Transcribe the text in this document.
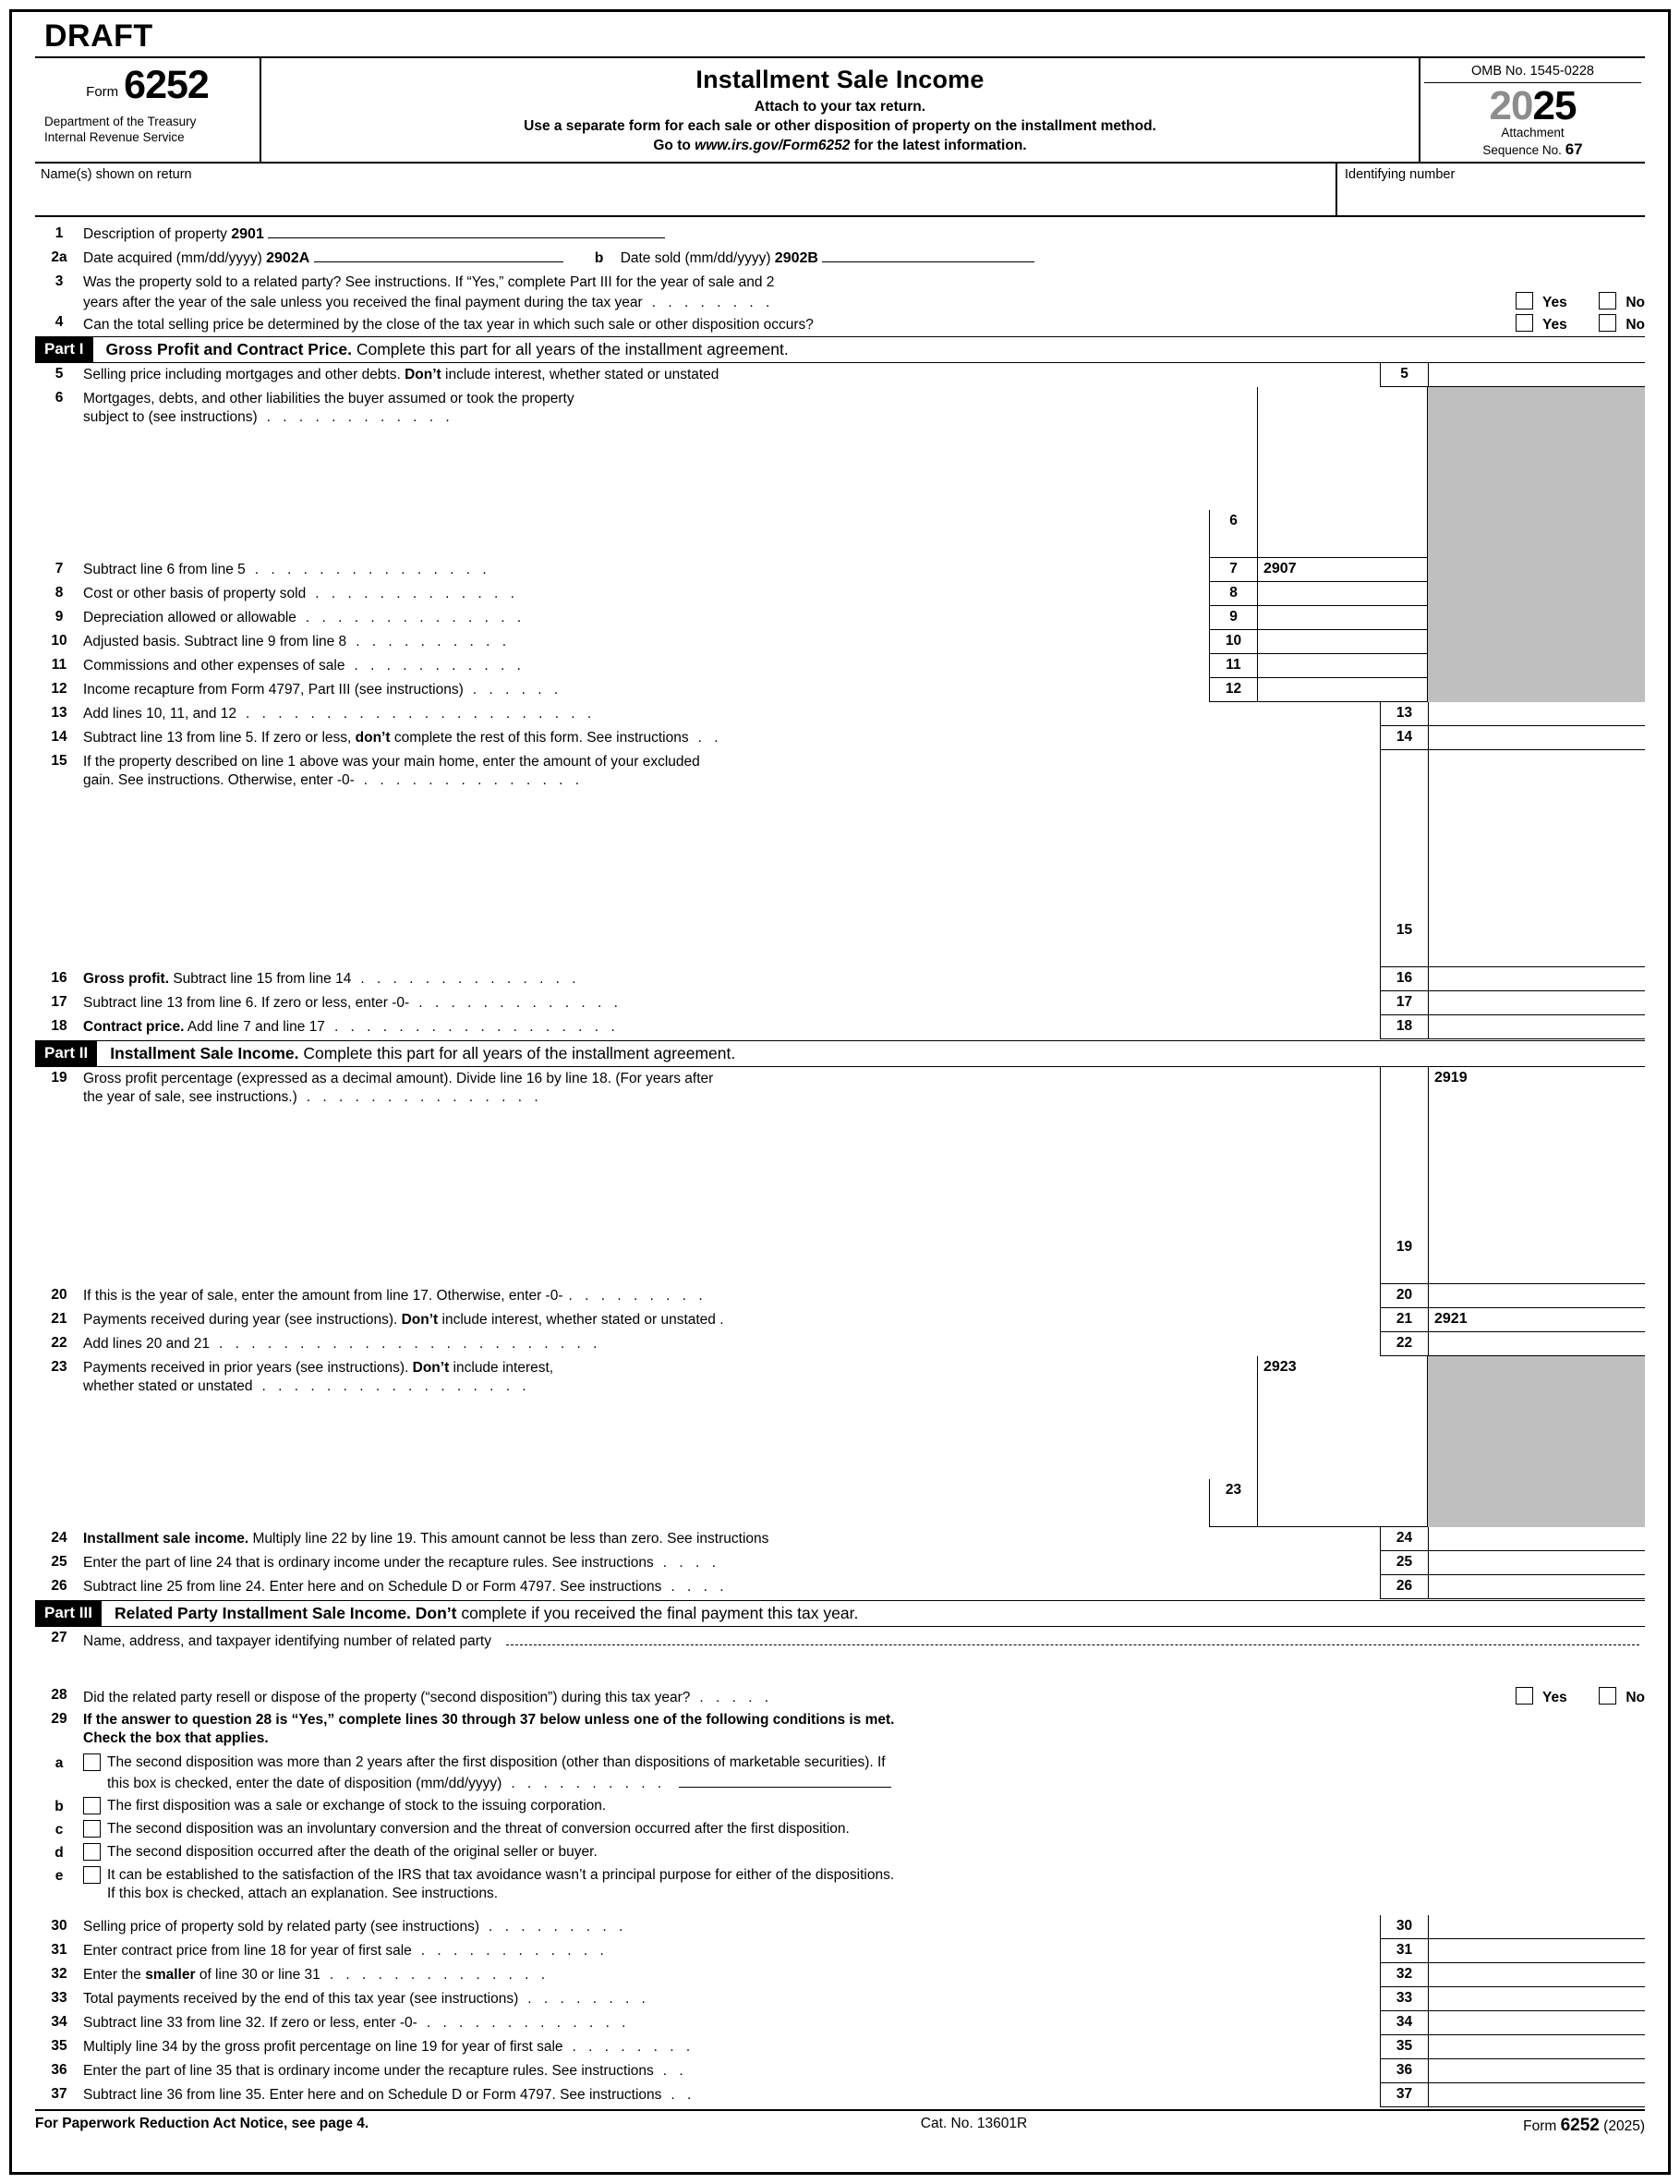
DRAFT
Form 6252
Department of the Treasury
Internal Revenue Service
Installment Sale Income
Attach to your tax return.
Use a separate form for each sale or other disposition of property on the installment method.
Go to www.irs.gov/Form6252 for the latest information.
OMB No. 1545-0228
2025
Attachment
Sequence No. 67
Name(s) shown on return	Identifying number
1	Description of property 2901
2a	Date acquired (mm/dd/yyyy) 2902A	b Date sold (mm/dd/yyyy) 2902B
3	Was the property sold to a related party? See instructions. If “Yes,” complete Part III for the year of sale and 2
years after the year of the sale unless you received the final payment during the tax year . . . . . . . .	Yes	No
4	Can the total selling price be determined by the close of the tax year in which such sale or other disposition occurs?	Yes	No
Part I	Gross Profit and Contract Price. Complete this part for all years of the installment agreement.
5	Selling price including mortgages and other debts. Don’t include interest, whether stated or unstated	5
6	Mortgages, debts, and other liabilities the buyer assumed or took the property
subject to (see instructions) . . . . . . . . . . . .
6
7	Subtract line 6 from line 5 . . . . . . . . . . . . . . .	7	2907
8	Cost or other basis of property sold . . . . . . . . . . . . .	8
9	Depreciation allowed or allowable . . . . . . . . . . . . . .	9
10	Adjusted basis. Subtract line 9 from line 8 . . . . . . . . . .	10
11	Commissions and other expenses of sale . . . . . . . . . . .	11
12	Income recapture from Form 4797, Part III (see instructions) . . . . . .	12
13	Add lines 10, 11, and 12 . . . . . . . . . . . . . . . . . . . . . .	13
14	Subtract line 13 from line 5. If zero or less, don’t complete the rest of this form. See instructions . .	14
15	If the property described on line 1 above was your main home, enter the amount of your excluded
gain. See instructions. Otherwise, enter -0- . . . . . . . . . . . . . .
15
16	Gross profit. Subtract line 15 from line 14 . . . . . . . . . . . . . .	16
17	Subtract line 13 from line 6. If zero or less, enter -0- . . . . . . . . . . . . .	17
18	Contract price. Add line 7 and line 17 . . . . . . . . . . . . . . . . . .	18
Part II	Installment Sale Income. Complete this part for all years of the installment agreement.
19	Gross profit percentage (expressed as a decimal amount). Divide line 16 by line 18. (For years after
the year of sale, see instructions.) . . . . . . . . . . . . . . .
19
2919
20	If this is the year of sale, enter the amount from line 17. Otherwise, enter -0- . . . . . . . . .	20
21	Payments received during year (see instructions). Don’t include interest, whether stated or unstated .	21	2921
22	Add lines 20 and 21 . . . . . . . . . . . . . . . . . . . . . . . .	22
23	Payments received in prior years (see instructions). Don’t include interest,
whether stated or unstated . . . . . . . . . . . . . . . . .
23
2923
24	Installment sale income. Multiply line 22 by line 19. This amount cannot be less than zero. See instructions	24
25	Enter the part of line 24 that is ordinary income under the recapture rules. See instructions . . . .	25
26	Subtract line 25 from line 24. Enter here and on Schedule D or Form 4797. See instructions . . . .	26
Part III	Related Party Installment Sale Income. Don’t complete if you received the final payment this tax year.
27	Name, address, and taxpayer identifying number of related party
28	Did the related party resell or dispose of the property (“second disposition”) during this tax year? . . . . .	Yes	No
29	If the answer to question 28 is “Yes,” complete lines 30 through 37 below unless one of the following conditions is met.
Check the box that applies.
a	The second disposition was more than 2 years after the first disposition (other than dispositions of marketable securities). If
this box is checked, enter the date of disposition (mm/dd/yyyy) . . . . . . . . . .
b	The first disposition was a sale or exchange of stock to the issuing corporation.
c	The second disposition was an involuntary conversion and the threat of conversion occurred after the first disposition.
d	The second disposition occurred after the death of the original seller or buyer.
e	It can be established to the satisfaction of the IRS that tax avoidance wasn’t a principal purpose for either of the dispositions.
If this box is checked, attach an explanation. See instructions.
30	Selling price of property sold by related party (see instructions) . . . . . . . . .	30
31	Enter contract price from line 18 for year of first sale . . . . . . . . . . . .	31
32	Enter the smaller of line 30 or line 31 . . . . . . . . . . . . . .	32
33	Total payments received by the end of this tax year (see instructions) . . . . . . . .	33
34	Subtract line 33 from line 32. If zero or less, enter -0- . . . . . . . . . . . . .	34
35	Multiply line 34 by the gross profit percentage on line 19 for year of first sale . . . . . . . .	35
36	Enter the part of line 35 that is ordinary income under the recapture rules. See instructions . .	36
37	Subtract line 36 from line 35. Enter here and on Schedule D or Form 4797. See instructions . .	37
For Paperwork Reduction Act Notice, see page 4.	Cat. No. 13601R	Form 6252 (2025)
